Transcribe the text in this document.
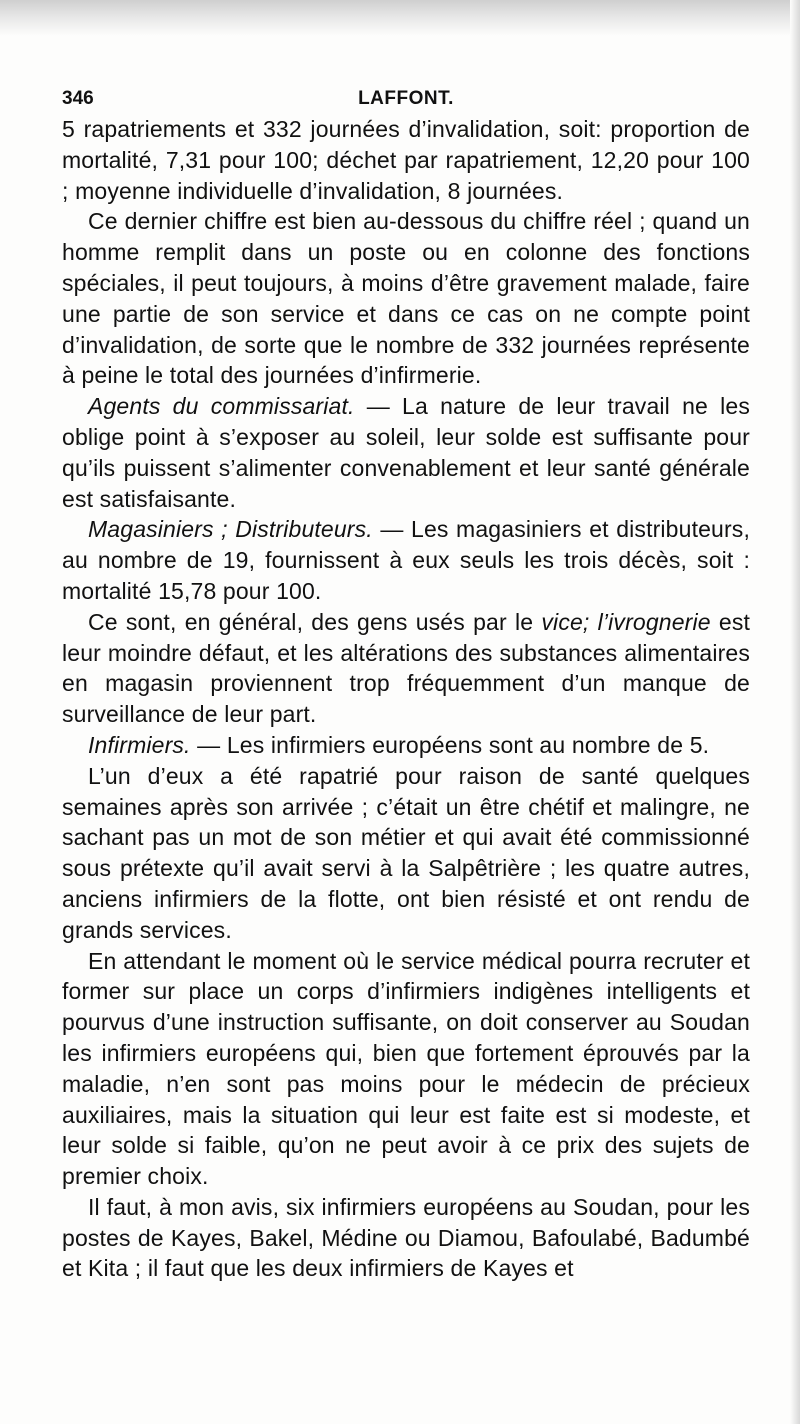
346	LAFFONT.

5 rapatriements et 332 journées d’invalidation, soit: proportion de mortalité, 7,31 pour 100; déchet par rapatriement, 12,20 pour 100 ; moyenne individuelle d’invalidation, 8 journées.

Ce dernier chiffre est bien au-dessous du chiffre réel ; quand un homme remplit dans un poste ou en colonne des fonctions spéciales, il peut toujours, à moins d’être gravement malade, faire une partie de son service et dans ce cas on ne compte point d’invalidation, de sorte que le nombre de 332 journées représente à peine le total des journées d’infirmerie.

Agents du commissariat. — La nature de leur travail ne les oblige point à s’exposer au soleil, leur solde est suffisante pour qu’ils puissent s’alimenter convenablement et leur santé générale est satisfaisante.

Magasiniers ; Distributeurs. — Les magasiniers et distributeurs, au nombre de 19, fournissent à eux seuls les trois décès, soit : mortalité 15,78 pour 100.

Ce sont, en général, des gens usés par le vice; l’ivrognerie est leur moindre défaut, et les altérations des substances alimentaires en magasin proviennent trop fréquemment d’un manque de surveillance de leur part.

Infirmiers. — Les infirmiers européens sont au nombre de 5.

L’un d’eux a été rapatrié pour raison de santé quelques semaines après son arrivée ; c’était un être chétif et malingre, ne sachant pas un mot de son métier et qui avait été commissionné sous prétexte qu’il avait servi à la Salpêtrière ; les quatre autres, anciens infirmiers de la flotte, ont bien résisté et ont rendu de grands services.

En attendant le moment où le service médical pourra recruter et former sur place un corps d’infirmiers indigènes intelligents et pourvus d’une instruction suffisante, on doit conserver au Soudan les infirmiers européens qui, bien que fortement éprouvés par la maladie, n’en sont pas moins pour le médecin de précieux auxiliaires, mais la situation qui leur est faite est si modeste, et leur solde si faible, qu’on ne peut avoir à ce prix des sujets de premier choix.

Il faut, à mon avis, six infirmiers européens au Soudan, pour les postes de Kayes, Bakel, Médine ou Diamou, Bafoulabé, Badumbé et Kita ; il faut que les deux infirmiers de Kayes et
